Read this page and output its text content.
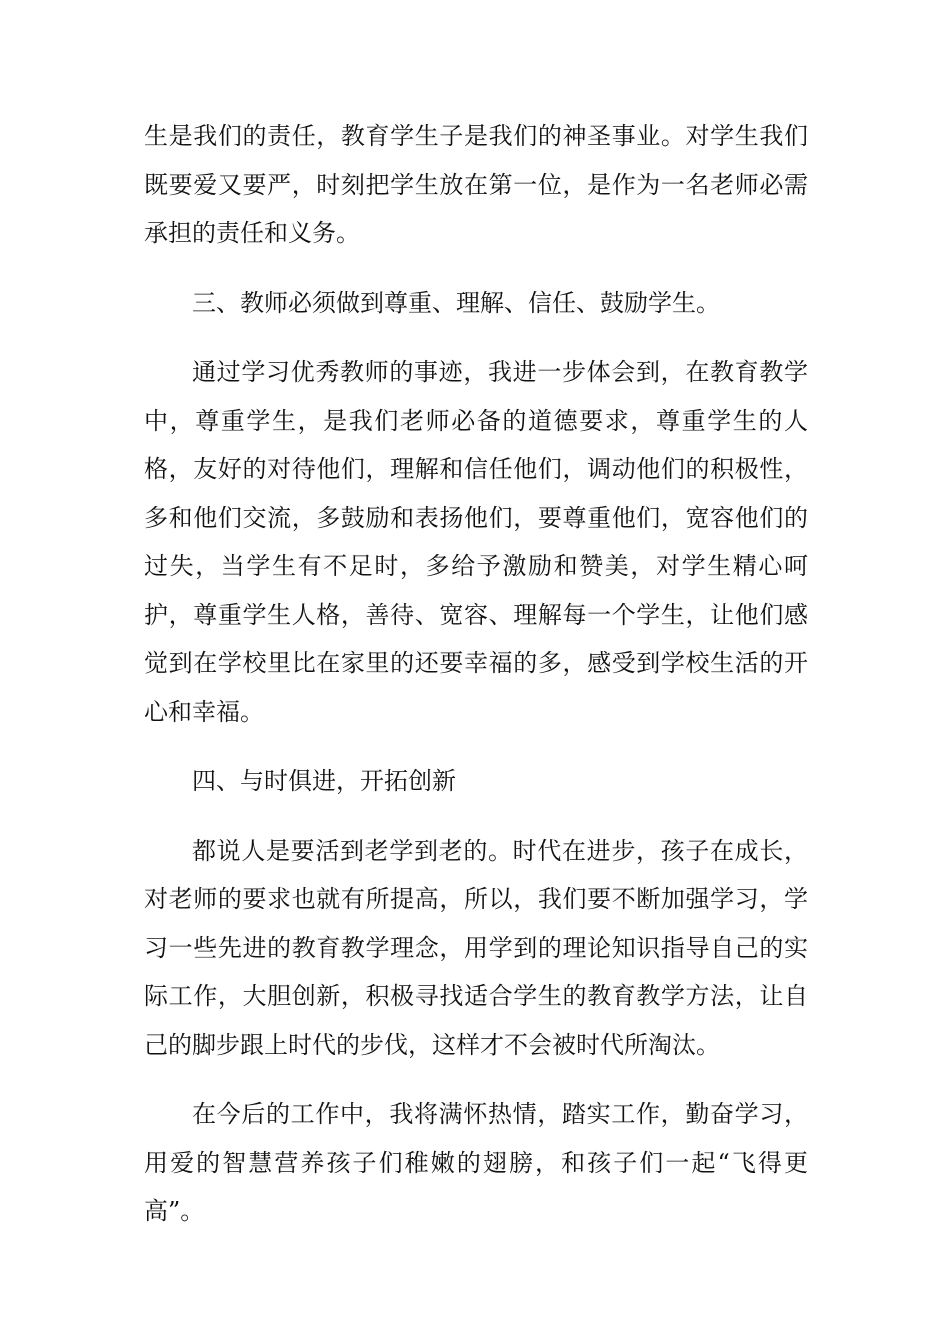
生是我们的责任，教育学生子是我们的神圣事业。对学生我们既要爱又要严，时刻把学生放在第一位，是作为一名老师必需承担的责任和义务。

三、教师必须做到尊重、理解、信任、鼓励学生。

通过学习优秀教师的事迹，我进一步体会到，在教育教学中，尊重学生，是我们老师必备的道德要求，尊重学生的人格，友好的对待他们，理解和信任他们，调动他们的积极性，多和他们交流，多鼓励和表扬他们，要尊重他们，宽容他们的过失，当学生有不足时，多给予激励和赞美，对学生精心呵护，尊重学生人格，善待、宽容、理解每一个学生，让他们感觉到在学校里比在家里的还要幸福的多，感受到学校生活的开心和幸福。

四、与时俱进，开拓创新

都说人是要活到老学到老的。时代在进步，孩子在成长，对老师的要求也就有所提高，所以，我们要不断加强学习，学习一些先进的教育教学理念，用学到的理论知识指导自己的实际工作，大胆创新，积极寻找适合学生的教育教学方法，让自己的脚步跟上时代的步伐，这样才不会被时代所淘汰。

在今后的工作中，我将满怀热情，踏实工作，勤奋学习，用爱的智慧营养孩子们稚嫩的翅膀，和孩子们一起“飞得更高”。
